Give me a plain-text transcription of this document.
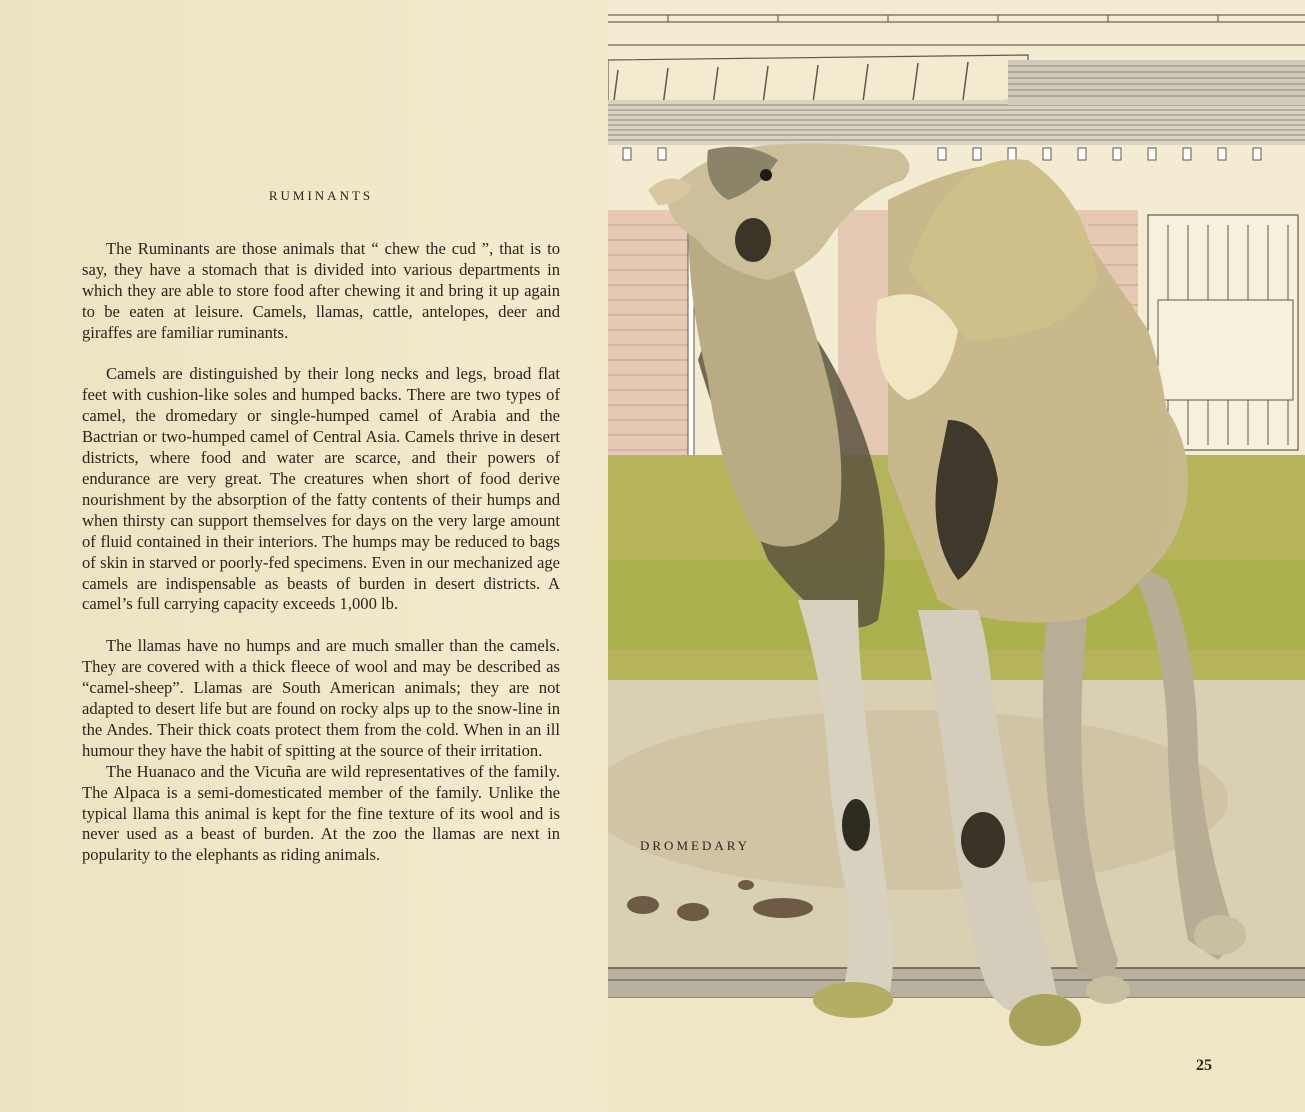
RUMINANTS

The Ruminants are those animals that “ chew the cud ”, that is to say, they have a stomach that is divided into various departments in which they are able to store food after chewing it and bring it up again to be eaten at leisure. Camels, llamas, cattle, antelopes, deer and giraffes are familiar ruminants.

Camels are distinguished by their long necks and legs, broad flat feet with cushion-like soles and humped backs. There are two types of camel, the dromedary or single-humped camel of Arabia and the Bactrian or two-humped camel of Central Asia. Camels thrive in desert districts, where food and water are scarce, and their powers of endurance are very great. The creatures when short of food derive nourishment by the absorption of the fatty contents of their humps and when thirsty can support themselves for days on the very large amount of fluid contained in their interiors. The humps may be reduced to bags of skin in starved or poorly-fed specimens. Even in our mechanized age camels are indispensable as beasts of burden in desert districts. A camel’s full carrying capacity exceeds 1,000 lb.

The llamas have no humps and are much smaller than the camels. They are covered with a thick fleece of wool and may be described as “camel-sheep”. Llamas are South American animals; they are not adapted to desert life but are found on rocky alps up to the snow-line in the Andes. Their thick coats protect them from the cold. When in an ill humour they have the habit of spitting at the source of their irritation.

The Huanaco and the Vicuña are wild representatives of the family. The Alpaca is a semi-domesticated member of the family. Unlike the typical llama this animal is kept for the fine texture of its wool and is never used as a beast of burden. At the zoo the llamas are next in popularity to the elephants as riding animals.	DROMEDARY
25
